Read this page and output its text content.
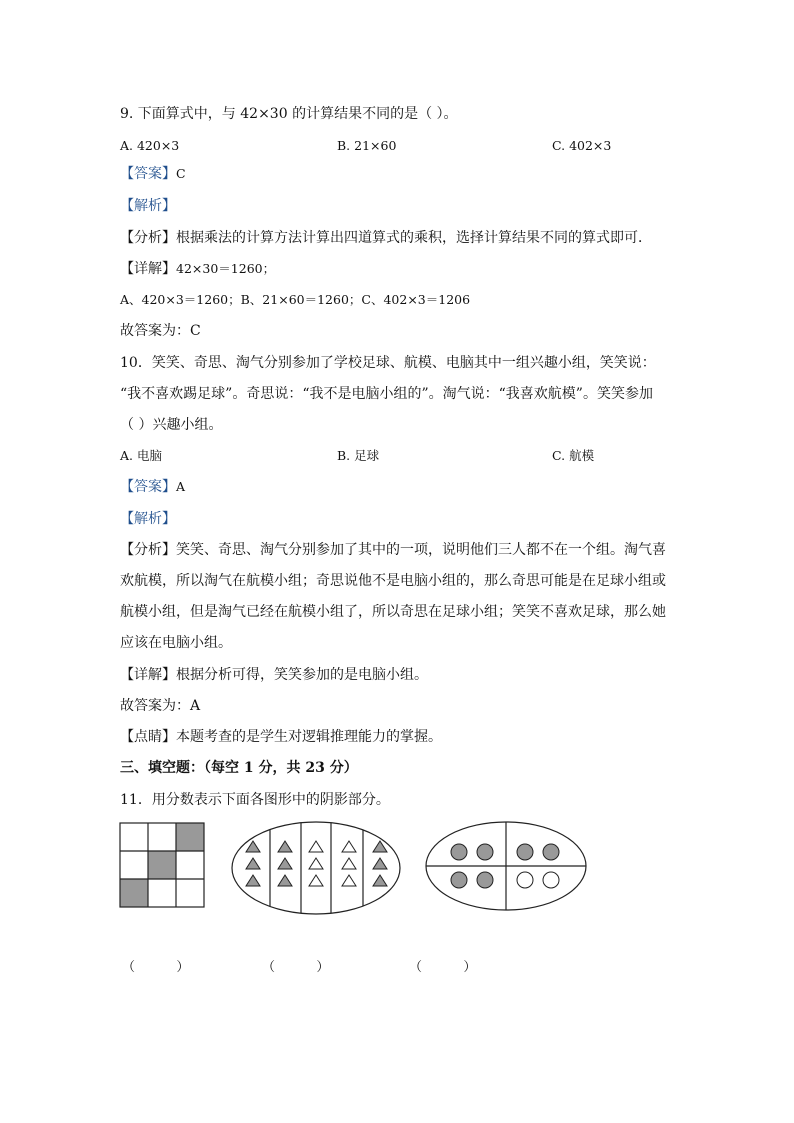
9. 下面算式中，与 42×30 的计算结果不同的是（ ）。
A. 420×3	B. 21×60	C. 402×3
【答案】C
【解析】
【分析】根据乘法的计算方法计算出四道算式的乘积，选择计算结果不同的算式即可．
【详解】42×30＝1260；
A、420×3＝1260；B、21×60＝1260；C、402×3＝1206
故答案为：C
10．笑笑、奇思、淘气分别参加了学校足球、航模、电脑其中一组兴趣小组，笑笑说：
“我不喜欢踢足球”。奇思说：“我不是电脑小组的”。淘气说：“我喜欢航模”。笑笑参加
（ ）兴趣小组。
A. 电脑	B. 足球	C. 航模
【答案】A
【解析】
【分析】笑笑、奇思、淘气分别参加了其中的一项，说明他们三人都不在一个组。淘气喜
欢航模，所以淘气在航模小组；奇思说他不是电脑小组的，那么奇思可能是在足球小组或
航模小组，但是淘气已经在航模小组了，所以奇思在足球小组；笑笑不喜欢足球，那么她
应该在电脑小组。
【详解】根据分析可得，笑笑参加的是电脑小组。
故答案为：A
【点睛】本题考查的是学生对逻辑推理能力的掌握。
三、填空题：（每空 1 分，共 23 分）
11．用分数表示下面各图形中的阴影部分。
（          ）	（          ）	（          ）
